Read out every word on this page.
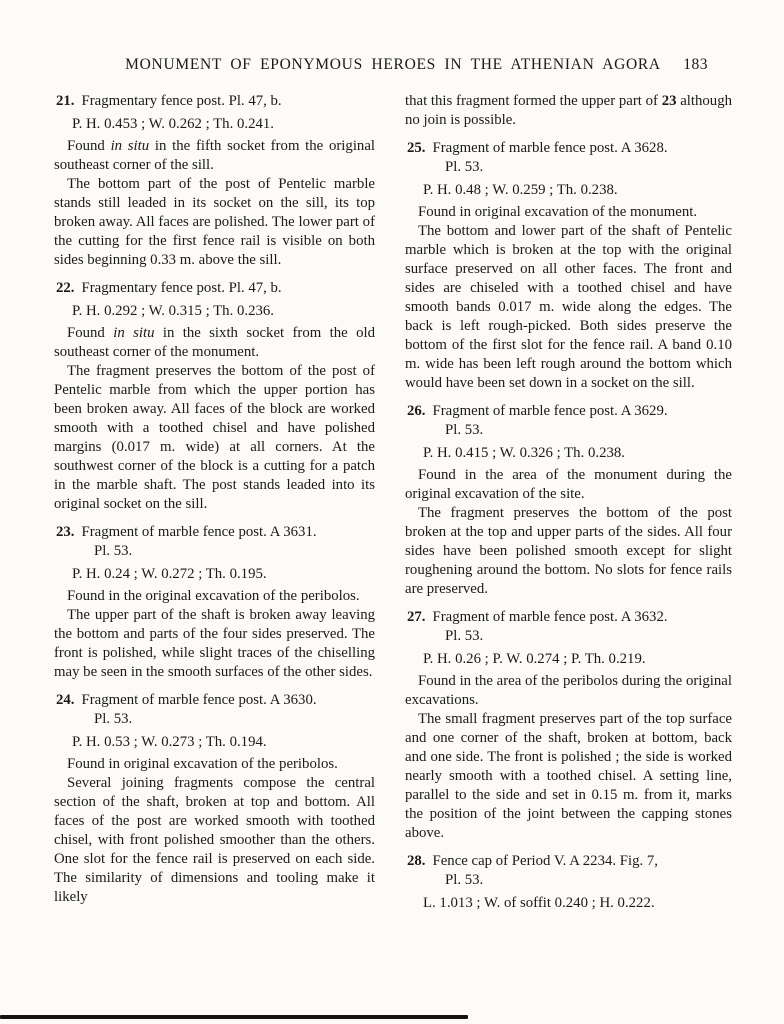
MONUMENT OF EPONYMOUS HEROES IN THE ATHENIAN AGORA 183
21. Fragmentary fence post. Pl. 47, b.
P. H. 0.453 ; W. 0.262 ; Th. 0.241.

Found in situ in the fifth socket from the original southeast corner of the sill.

The bottom part of the post of Pentelic marble stands still leaded in its socket on the sill, its top broken away. All faces are polished. The lower part of the cutting for the first fence rail is visible on both sides beginning 0.33 m. above the sill.

22. Fragmentary fence post. Pl. 47, b.
P. H. 0.292 ; W. 0.315 ; Th. 0.236.

Found in situ in the sixth socket from the old southeast corner of the monument.

The fragment preserves the bottom of the post of Pentelic marble from which the upper portion has been broken away. All faces of the block are worked smooth with a toothed chisel and have polished margins (0.017 m. wide) at all corners. At the southwest corner of the block is a cutting for a patch in the marble shaft. The post stands leaded into its original socket on the sill.

23. Fragment of marble fence post. A 3631.
Pl. 53.
P. H. 0.24 ; W. 0.272 ; Th. 0.195.

Found in the original excavation of the peribolos.

The upper part of the shaft is broken away leaving the bottom and parts of the four sides preserved. The front is polished, while slight traces of the chiselling may be seen in the smooth surfaces of the other sides.

24. Fragment of marble fence post. A 3630.
Pl. 53.
P. H. 0.53 ; W. 0.273 ; Th. 0.194.

Found in original excavation of the peribolos.

Several joining fragments compose the central section of the shaft, broken at top and bottom. All faces of the post are worked smooth with toothed chisel, with front polished smoother than the others. One slot for the fence rail is preserved on each side. The similarity of dimensions and tooling make it likely

that this fragment formed the upper part of 23 although no join is possible.

25. Fragment of marble fence post. A 3628.
Pl. 53.
P. H. 0.48 ; W. 0.259 ; Th. 0.238.

Found in original excavation of the monument.

The bottom and lower part of the shaft of Pentelic marble which is broken at the top with the original surface preserved on all other faces. The front and sides are chiseled with a toothed chisel and have smooth bands 0.017 m. wide along the edges. The back is left rough-picked. Both sides preserve the bottom of the first slot for the fence rail. A band 0.10 m. wide has been left rough around the bottom which would have been set down in a socket on the sill.

26. Fragment of marble fence post. A 3629.
Pl. 53.
P. H. 0.415 ; W. 0.326 ; Th. 0.238.

Found in the area of the monument during the original excavation of the site.

The fragment preserves the bottom of the post broken at the top and upper parts of the sides. All four sides have been polished smooth except for slight roughening around the bottom. No slots for fence rails are preserved.

27. Fragment of marble fence post. A 3632.
Pl. 53.
P. H. 0.26 ; P. W. 0.274 ; P. Th. 0.219.

Found in the area of the peribolos during the original excavations.

The small fragment preserves part of the top surface and one corner of the shaft, broken at bottom, back and one side. The front is polished ; the side is worked nearly smooth with a toothed chisel. A setting line, parallel to the side and set in 0.15 m. from it, marks the position of the joint between the capping stones above.

28. Fence cap of Period V. A 2234. Fig. 7,
Pl. 53.
L. 1.013 ; W. of soffit 0.240 ; H. 0.222.
